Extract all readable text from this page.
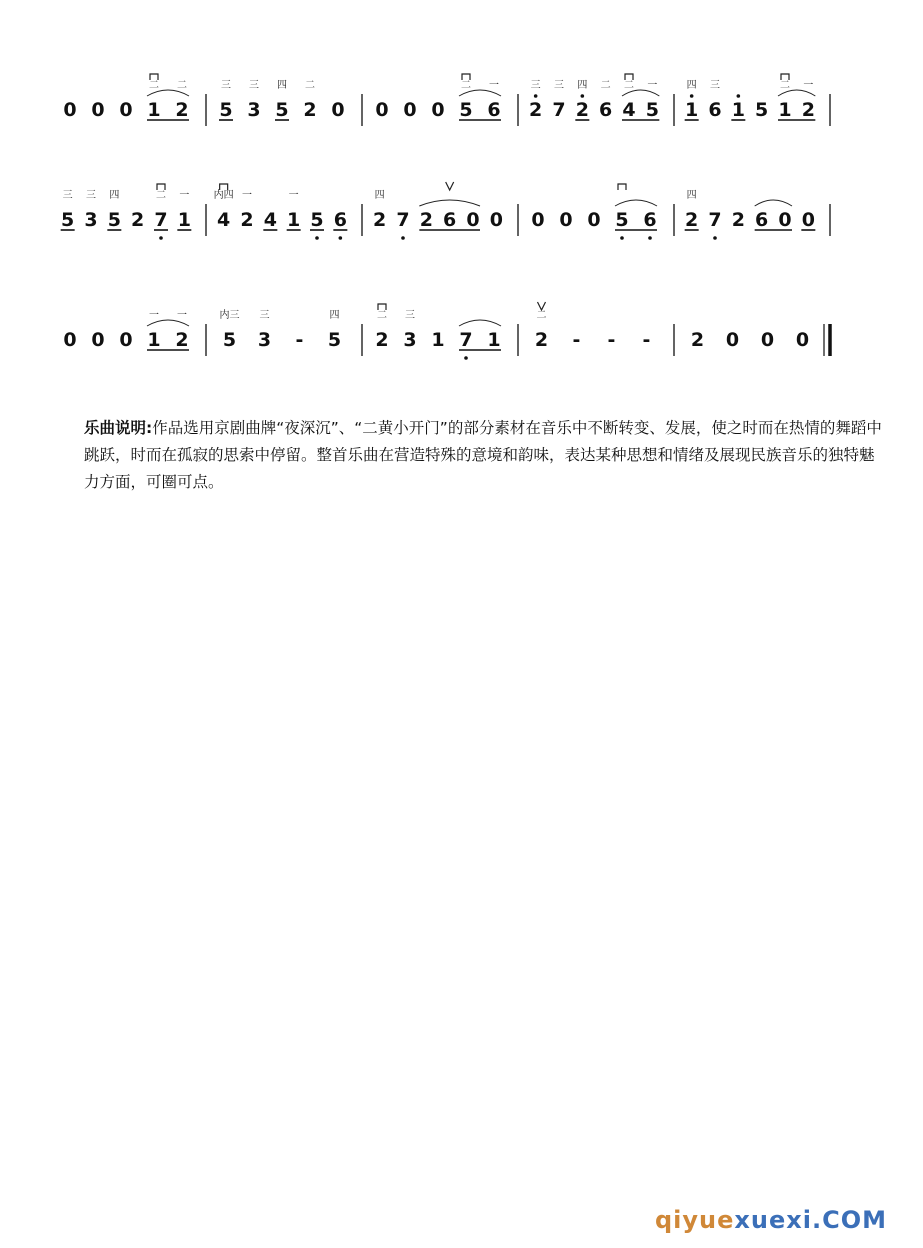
0 0 0 1
二
2
二
5
三
3
三
5
四
2
二
0 0 0 0 5
二
6
一
2
三
7
三
2
四
6
二
4
二
5
一
1
四
6
三
1 5 1
二
2
一
5
三
3
三
5
四
2 7
二
1
一
4
内四
2
一
4 1
一
5 6 2
四
7 2 6 0 0 0 0 0 5 6 2
四
7 2 6 0 0
0 0 0 1
一
2
一
5
内三
3
三
- 5
四
2
二
3
三
1 7 1 2
二
- - - 2 0 0 0
乐曲说明:作品选用京剧曲牌“夜深沉”、“二黄小开门”的部分素材在音乐中不断转变、发展，使之时而在热情的舞蹈中跳跃，时而在孤寂的思索中停留。整首乐曲在营造特殊的意境和韵味，表达某种思想和情绪及展现民族音乐的独特魅力方面，可圈可点。
qiyuexuexi.COM
